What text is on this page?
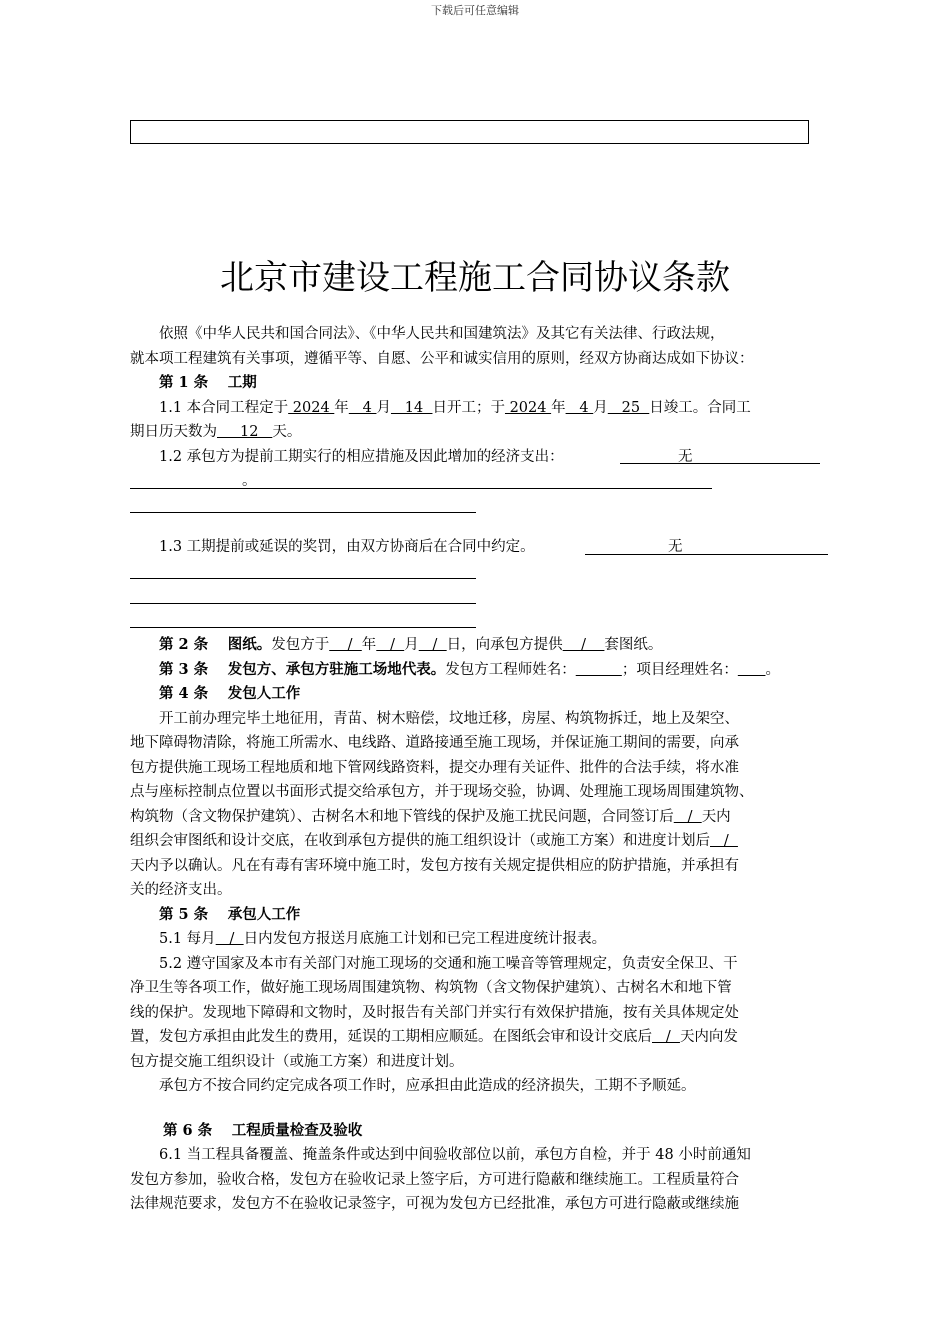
下载后可任意编辑
北京市建设工程施工合同协议条款

依照《中华人民共和国合同法》、《中华人民共和国建筑法》及其它有关法律、行政法规，

就本项工程建筑有关事项，遵循平等、自愿、公平和诚实信用的原则，经双方协商达成如下协议：

第 1 条　 工期

1.1 本合同工程定于 2024 年   4 月   14  日开工；于 2024 年   4 月   25  日竣工。合同工

期日历天数为     12   天。

1.2 承包方为提前工期实行的相应措施及因此增加的经济支出：	无
。
1.3 工期提前或延误的奖罚，由双方协商后在合同中约定。	无

第 2 条　 图纸。发包方于    /  年   /  月   /  日，向承包方提供    /    套图纸。

第 3 条　 发包方、承包方驻施工场地代表。发包方工程师姓名：	；项目经理姓名： 。

第 4 条　 发包人工作

开工前办理完毕土地征用，青苗、树木赔偿，坟地迁移，房屋、构筑物拆迁，地上及架空、

地下障碍物清除，将施工所需水、电线路、道路接通至施工现场，并保证施工期间的需要，向承

包方提供施工现场工程地质和地下管网线路资料，提交办理有关证件、批件的合法手续，将水准

点与座标控制点位置以书面形式提交给承包方，并于现场交验，协调、处理施工现场周围建筑物、

构筑物（含文物保护建筑）、古树名木和地下管线的保护及施工扰民问题，合同签订后   /  天内

组织会审图纸和设计交底，在收到承包方提供的施工组织设计（或施工方案）和进度计划后   /

天内予以确认。凡在有毒有害环境中施工时，发包方按有关规定提供相应的防护措施，并承担有

关的经济支出。

第 5 条　 承包人工作

5.1 每月   /  日内发包方报送月底施工计划和已完工程进度统计报表。

5.2 遵守国家及本市有关部门对施工现场的交通和施工噪音等管理规定，负责安全保卫、干

净卫生等各项工作，做好施工现场周围建筑物、构筑物（含文物保护建筑）、古树名木和地下管

线的保护。发现地下障碍和文物时，及时报告有关部门并实行有效保护措施，按有关具体规定处

置，发包方承担由此发生的费用，延误的工期相应顺延。在图纸会审和设计交底后   /  天内向发

包方提交施工组织设计（或施工方案）和进度计划。

承包方不按合同约定完成各项工作时，应承担由此造成的经济损失，工期不予顺延。

第 6 条　 工程质量检查及验收

6.1 当工程具备覆盖、掩盖条件或达到中间验收部位以前，承包方自检，并于 48 小时前通知

发包方参加，验收合格，发包方在验收记录上签字后，方可进行隐蔽和继续施工。工程质量符合

法律规范要求，发包方不在验收记录签字，可视为发包方已经批准，承包方可进行隐蔽或继续施
